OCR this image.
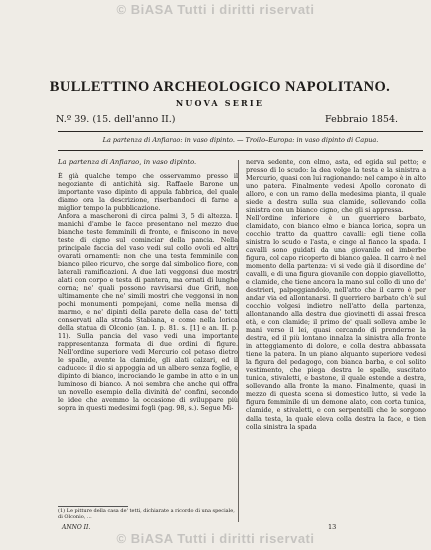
© BiASA Tutti i diritti riservati
BULLETTINO ARCHEOLOGICO NAPOLITANO.
NUOVA SERIE
N.º 39. (15. dell'anno II.)	Febbraio 1854.
La partenza di Anfiarao: in vaso dipinto. — Troilo–Europa: in vaso dipinto di Capua.

La partenza di Anfiarao, in vaso dipinto.

È già qualche tempo che osservammo presso il negoziante di antichità sig. Raffaele Barone un importante vaso dipinto di appula fabbrica, del quale diamo ora la descrizione, riserbandoci di farne a miglior tempo la pubblicazione.

Anfora a mascheroni di circa palmi 3, 5 di altezza. I manichi d'ambe le facce presentano nel mezzo due bianche teste femminili di fronte, e finiscono in neve teste di cigno sul cominciar della pancia. Nella principale faccia del vaso vedi sul collo ovoli ed altri ovarati ornamenti: non che una testa femminile con bianco pileo ricurvo, che sorge dal simbolico fiore, con laterali ramificazioni. A due lati veggonsi due mostri alati con corpo e testa di pantera, ma ornati di lunghe corna; ne' quali possono ravvisarsi due Grifi, non ultimamente che ne' simili mostri che veggonsi in non pochi monumenti pompejani, come nella mensa di marmo, e ne' dipinti della parete della casa de' tetti conservati alla strada Stabiana, e come nella lorica della statua di Olconio (an. I. p. 81. s. [1] e an. II. p. 11). Sulla pancia del vaso vedi una importante rappresentanza formata di due ordini di figure. Nell'ordine superiore vedi Mercurio col petaso dietro le spalle, avente la clamide, gli alati calzari, ed il caduceo: il dio si appoggia ad un albero senza foglie, e dipinto di bianco, incrociando le gambe in atto e in un luminoso di bianco. A noi sembra che anche qui offra un novello esempio della divinità de' confini, secondo le idee che avemmo la occasione di sviluppare più sopra in questi medesimi fogli (pag. 98, s.). Segue Mi-

nerva sedente, con elmo, asta, ed egida sul petto; e presso di lo scudo: la dea volge la testa e la sinistra a Mercurio, quasi con lui ragionando: nel campo è in alto uno patera. Finalmente vedesi Apollo coronato di alloro, e con un ramo della medesima pianta, il quale siede a destra sulla sua clamide, sollevando colla sinistra con un bianco cigno, che gli si appressa.

Nell'ordine inferiore è un guerriero barbato, clamidato, con bianco elmo e bianca lorica, sopra un cocchio tratto da quattro cavalli: egli tiene colla sinistra lo scudo e l'asta, e cinge al fianco la spada. I cavalli sono guidati da una giovanile ed imberbe figura, col capo ricoperto di bianco galea. Il carro è nel momento della partenza: vi si vede già il disordine de' cavalli, e di una figura giovanile con doppio giavellotto, e clamide, che tiene ancora la mano sul collo di uno de' destrieri, palpeggiandolo, nell'atto che il carro è per andar via ed allontanarsi. Il guerriero barbato ch'è sul cocchio volgesi indietro nell'atto della partenza, allontanando alla destra due giovinetti di assai fresca età, e con clamide; il primo de' quali solleva ambe le mani verso il lei, quasi cercando di prenderne la destra, ed il più lontano innalza la sinistra alla fronte in atteggiamento di dolore, e colla destra abbassata tiene la patera. In un piano alquanto superiore vedesi la figura del pedagogo, con bianca barba, e col solito vestimento, che piega destra le spalle, suscitato tunica, stivaletti, e bastone, il quale estende a destra, sollevando alla fronte la mano. Finalmente, quasi in mezzo di questa scena si domestico lutto, si vede la figura femminile di un demone alato, con corta tunica, clamide, e stivaletti, e con serpentelli che le sorgono dalla testa, la quale eleva colla destra la face, e tien colla sinistra la spada

(1) Le pitture della casa de' tetti, dichiarate a ricordo di una speciale, di Olconio, ...
ANNO II.	13
© BiASA Tutti i diritti riservati
